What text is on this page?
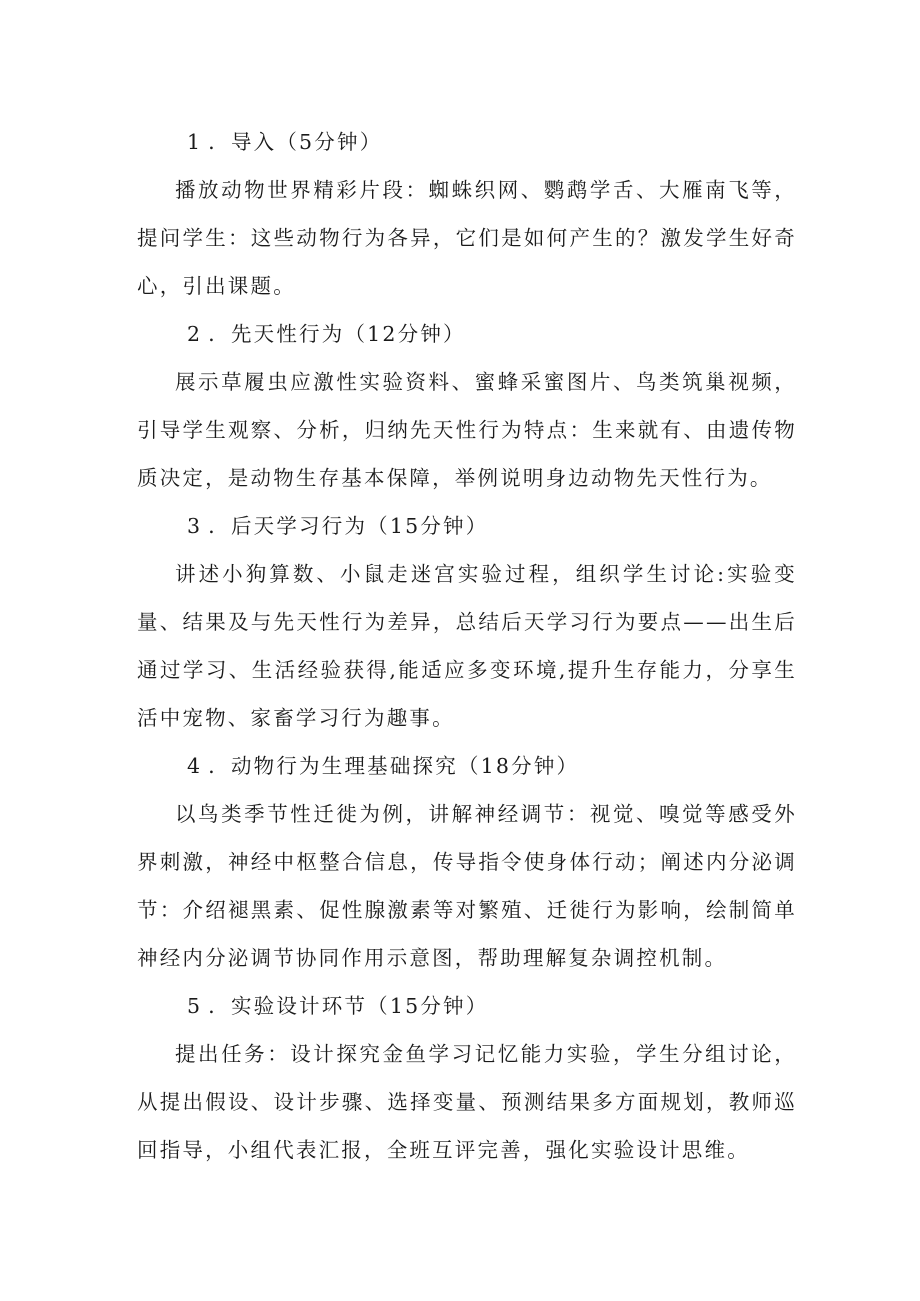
1 ．导入（5分钟）

播放动物世界精彩片段：蜘蛛织网、鹦鹉学舌、大雁南飞等，提问学生：这些动物行为各异，它们是如何产生的？激发学生好奇心，引出课题。

2 ．先天性行为（12分钟）

展示草履虫应激性实验资料、蜜蜂采蜜图片、鸟类筑巢视频，引导学生观察、分析，归纳先天性行为特点：生来就有、由遗传物质决定，是动物生存基本保障，举例说明身边动物先天性行为。

3 ．后天学习行为（15分钟）

讲述小狗算数、小鼠走迷宫实验过程，组织学生讨论:实验变量、结果及与先天性行为差异，总结后天学习行为要点——出生后通过学习、生活经验获得,能适应多变环境,提升生存能力，分享生活中宠物、家畜学习行为趣事。

4 ．动物行为生理基础探究（18分钟）

以鸟类季节性迁徙为例，讲解神经调节：视觉、嗅觉等感受外界刺激，神经中枢整合信息，传导指令使身体行动；阐述内分泌调节：介绍褪黑素、促性腺激素等对繁殖、迁徙行为影响，绘制简单神经内分泌调节协同作用示意图，帮助理解复杂调控机制。

5 ．实验设计环节（15分钟）

提出任务：设计探究金鱼学习记忆能力实验，学生分组讨论，从提出假设、设计步骤、选择变量、预测结果多方面规划，教师巡回指导，小组代表汇报，全班互评完善，强化实验设计思维。
